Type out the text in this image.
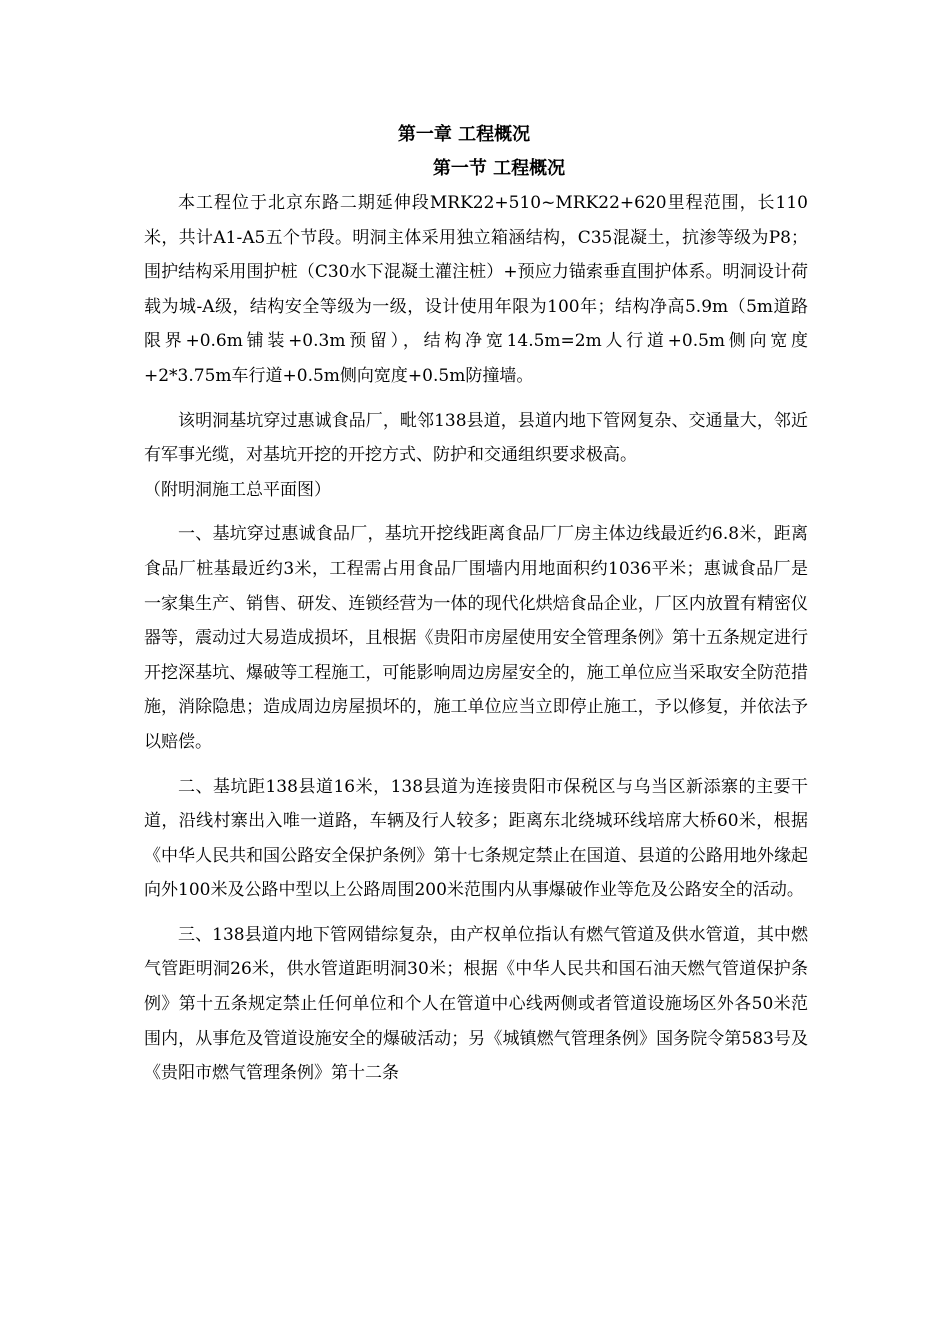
第一章 工程概况
第一节 工程概况

本工程位于北京东路二期延伸段MRK22+510~MRK22+620里程范围，长110米，共计A1-A5五个节段。明洞主体采用独立箱涵结构，C35混凝土，抗渗等级为P8；围护结构采用围护桩（C30水下混凝土灌注桩）+预应力锚索垂直围护体系。明洞设计荷载为城-A级，结构安全等级为一级，设计使用年限为100年；结构净高5.9m（5m道路限界+0.6m铺装+0.3m预留），结构净宽14.5m=2m人行道+0.5m侧向宽度+2*3.75m车行道+0.5m侧向宽度+0.5m防撞墙。

该明洞基坑穿过惠诚食品厂，毗邻138县道，县道内地下管网复杂、交通量大，邻近有军事光缆，对基坑开挖的开挖方式、防护和交通组织要求极高。

（附明洞施工总平面图）

一、基坑穿过惠诚食品厂，基坑开挖线距离食品厂厂房主体边线最近约6.8米，距离食品厂桩基最近约3米，工程需占用食品厂围墙内用地面积约1036平米；惠诚食品厂是一家集生产、销售、研发、连锁经营为一体的现代化烘焙食品企业，厂区内放置有精密仪器等，震动过大易造成损坏，且根据《贵阳市房屋使用安全管理条例》第十五条规定进行开挖深基坑、爆破等工程施工，可能影响周边房屋安全的，施工单位应当采取安全防范措施，消除隐患；造成周边房屋损坏的，施工单位应当立即停止施工，予以修复，并依法予以赔偿。

二、基坑距138县道16米，138县道为连接贵阳市保税区与乌当区新添寨的主要干道，沿线村寨出入唯一道路，车辆及行人较多；距离东北绕城环线培席大桥60米，根据《中华人民共和国公路安全保护条例》第十七条规定禁止在国道、县道的公路用地外缘起向外100米及公路中型以上公路周围200米范围内从事爆破作业等危及公路安全的活动。

三、138县道内地下管网错综复杂，由产权单位指认有燃气管道及供水管道，其中燃气管距明洞26米，供水管道距明洞30米；根据《中华人民共和国石油天燃气管道保护条例》第十五条规定禁止任何单位和个人在管道中心线两侧或者管道设施场区外各50米范围内，从事危及管道设施安全的爆破活动；另《城镇燃气管理条例》国务院令第583号及《贵阳市燃气管理条例》第十二条
